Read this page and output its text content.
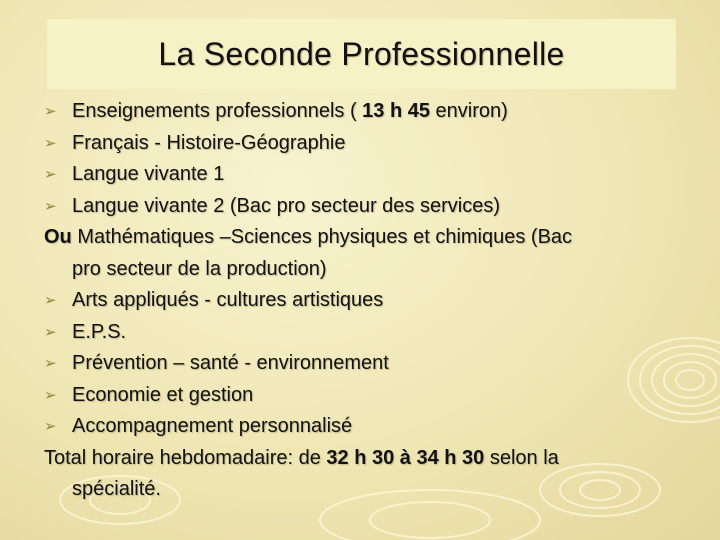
La Seconde Professionnelle
➢ Enseignements professionnels ( 13 h 45 environ)
➢ Français - Histoire-Géographie
➢ Langue vivante 1
➢ Langue vivante 2 (Bac pro secteur des services)
Ou Mathématiques –Sciences physiques et chimiques (Bac
pro secteur de la production)
➢ Arts appliqués - cultures artistiques
➢ E.P.S.
➢ Prévention – santé - environnement
➢ Economie et gestion
➢ Accompagnement personnalisé
Total horaire hebdomadaire: de 32 h 30 à 34 h 30 selon la
spécialité.
